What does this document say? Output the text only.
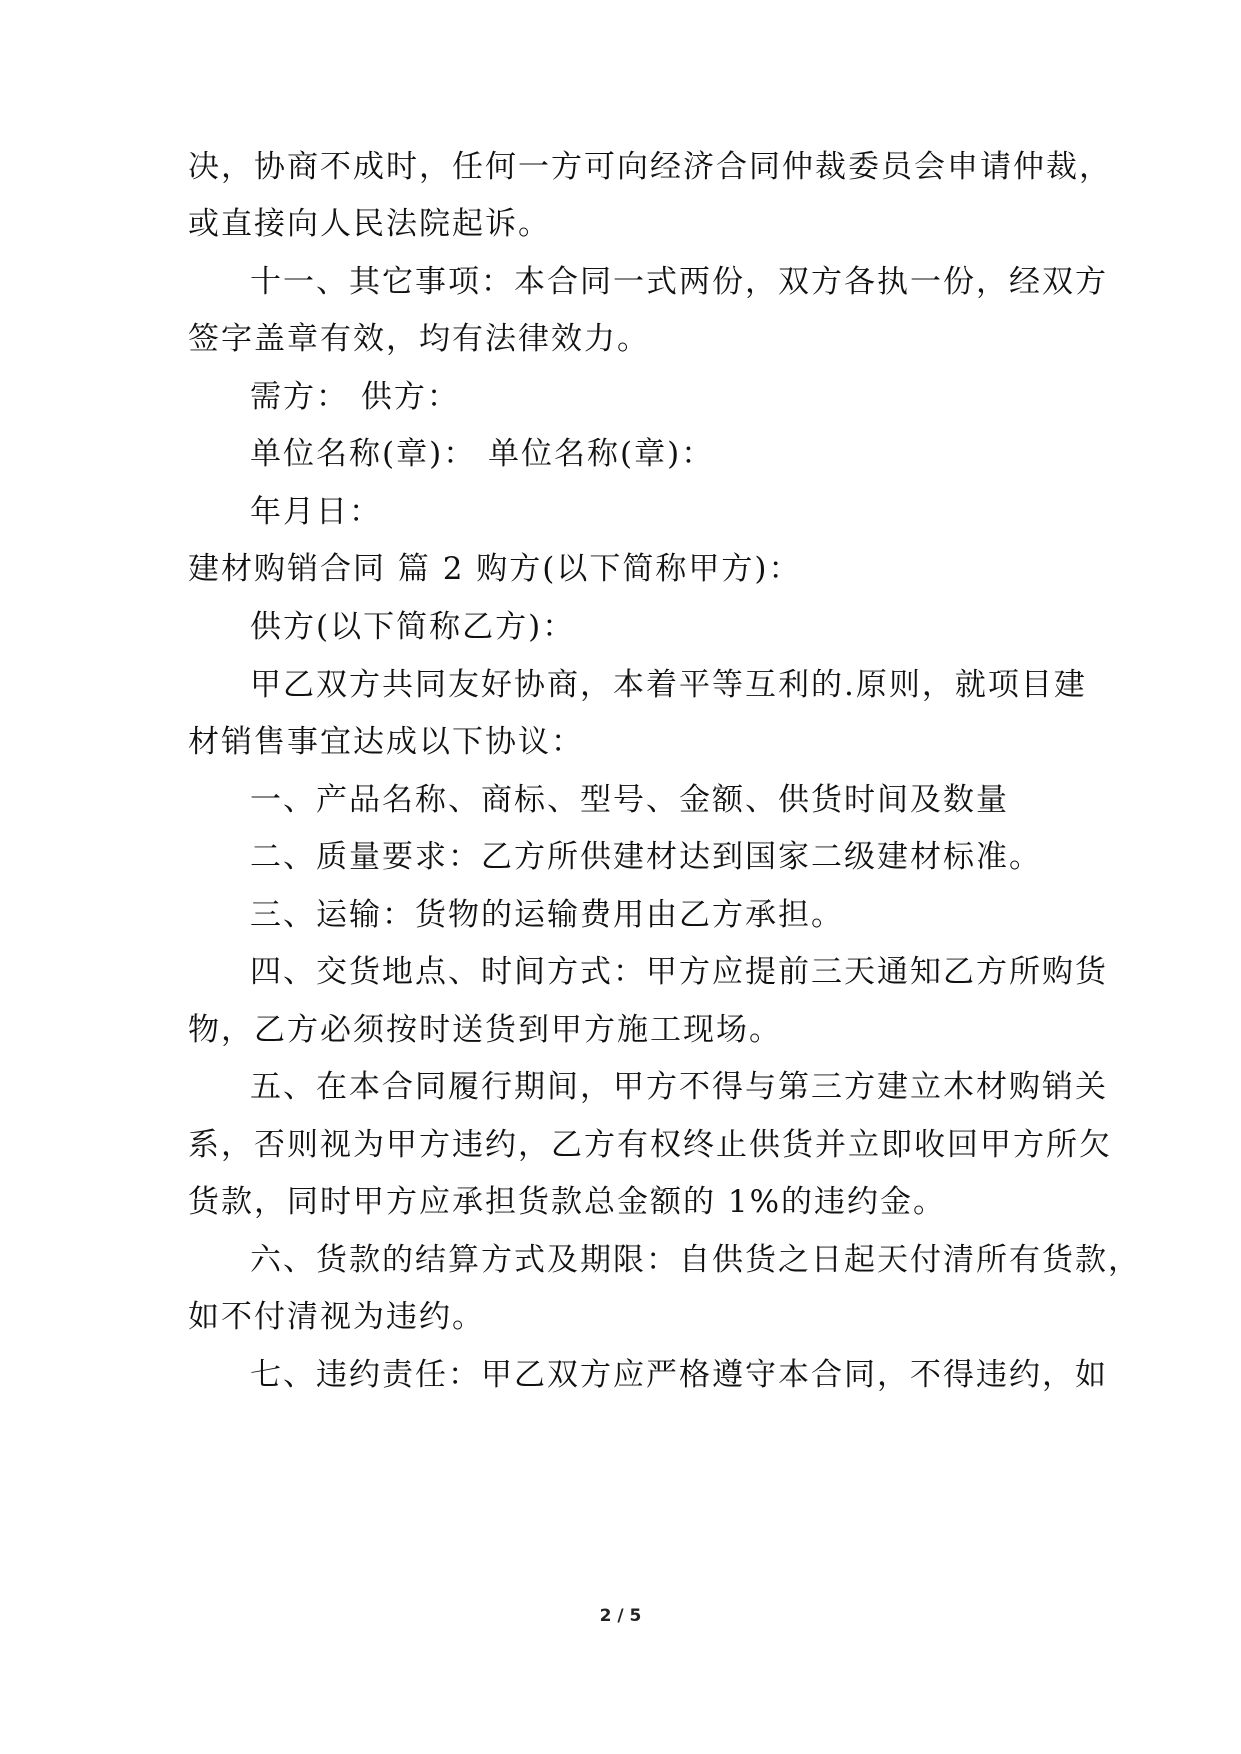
决，协商不成时，任何一方可向经济合同仲裁委员会申请仲裁，
或直接向人民法院起诉。
十一、其它事项：本合同一式两份，双方各执一份，经双方
签字盖章有效，均有法律效力。
需方： 供方：
单位名称(章)： 单位名称(章)：
年月日：
建材购销合同 篇 2 购方(以下简称甲方)：
供方(以下简称乙方)：
甲乙双方共同友好协商，本着平等互利的.原则，就项目建
材销售事宜达成以下协议：
一、产品名称、商标、型号、金额、供货时间及数量
二、质量要求：乙方所供建材达到国家二级建材标准。
三、运输：货物的运输费用由乙方承担。
四、交货地点、时间方式：甲方应提前三天通知乙方所购货
物，乙方必须按时送货到甲方施工现场。
五、在本合同履行期间，甲方不得与第三方建立木材购销关
系，否则视为甲方违约，乙方有权终止供货并立即收回甲方所欠
货款，同时甲方应承担货款总金额的 1%的违约金。
六、货款的结算方式及期限：自供货之日起天付清所有货款，
如不付清视为违约。
七、违约责任：甲乙双方应严格遵守本合同，不得违约，如
2 / 5
